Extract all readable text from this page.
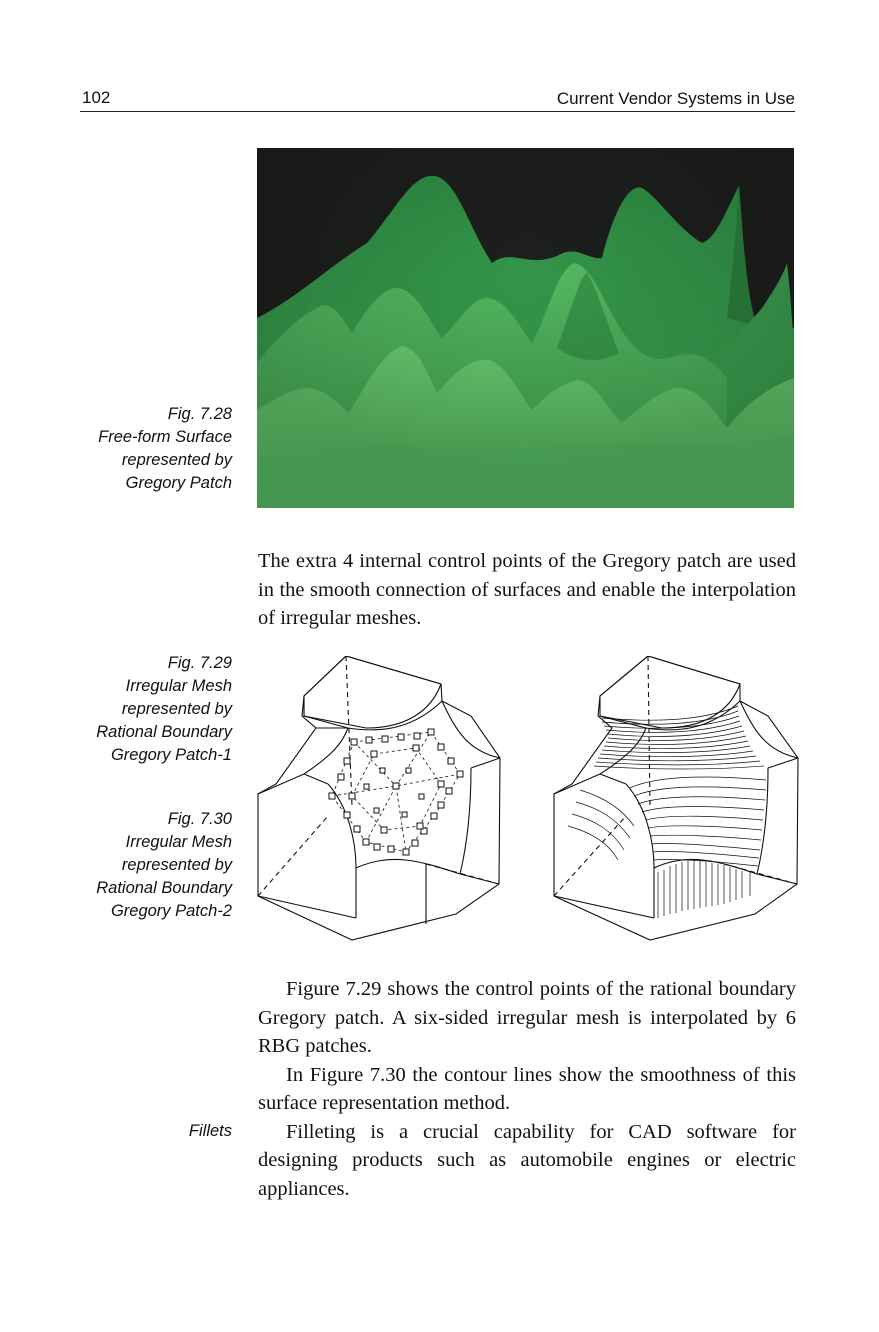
102	Current Vendor Systems in Use
Fig. 7.28
Free-form Surface
represented by
Gregory Patch

The extra 4 internal control points of the Gregory patch are used in the smooth connection of surfaces and enable the interpolation of irregular meshes.

Fig. 7.29
Irregular Mesh
represented by
Rational Boundary
Gregory Patch-1
Fig. 7.30
Irregular Mesh
represented by
Rational Boundary
Gregory Patch-2

Figure 7.29 shows the control points of the rational boundary Gregory patch. A six-sided irregular mesh is interpolated by 6 RBG patches.

In Figure 7.30 the contour lines show the smoothness of this surface representation method.

Filleting is a crucial capability for CAD software for designing products such as automobile engines or electric appliances.

Fillets
